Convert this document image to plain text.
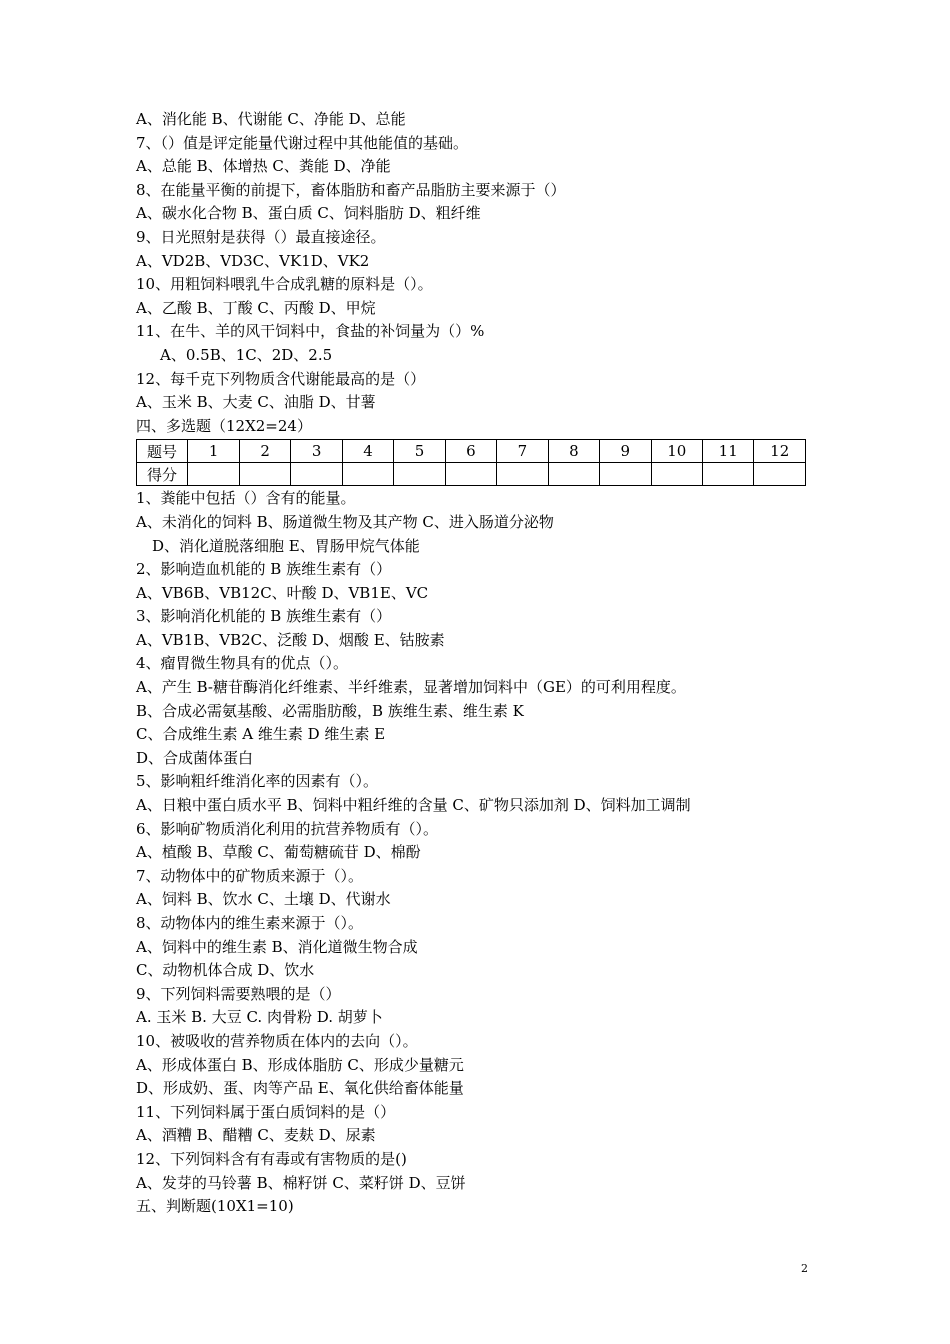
A、消化能 B、代谢能 C、净能 D、总能
7、（）值是评定能量代谢过程中其他能值的基础。
A、总能 B、体增热 C、粪能 D、净能
8、在能量平衡的前提下，畜体脂肪和畜产品脂肪主要来源于（）
A、碳水化合物 B、蛋白质 C、饲料脂肪 D、粗纤维
9、日光照射是获得（）最直接途径。
A、VD2B、VD3C、VK1D、VK2
10、用粗饲料喂乳牛合成乳糖的原料是（）。
A、乙酸 B、丁酸 C、丙酸 D、甲烷
11、在牛、羊的风干饲料中，食盐的补饲量为（）%
A、0.5B、1C、2D、2.5
12、每千克下列物质含代谢能最高的是（）
A、玉米 B、大麦 C、油脂 D、甘薯
四、多选题（12X2=24）
题号	1	2	3	4	5	6	7	8	9	10	11	12
得分												
1、粪能中包括（）含有的能量。
A、未消化的饲料 B、肠道微生物及其产物 C、进入肠道分泌物
D、消化道脱落细胞 E、胃肠甲烷气体能
2、影响造血机能的 B 族维生素有（）
A、VB6B、VB12C、叶酸 D、VB1E、VC
3、影响消化机能的 B 族维生素有（）
A、VB1B、VB2C、泛酸 D、烟酸 E、钴胺素
4、瘤胃微生物具有的优点（）。
A、产生 B-糖苷酶消化纤维素、半纤维素，显著增加饲料中（GE）的可利用程度。
B、合成必需氨基酸、必需脂肪酸，B 族维生素、维生素 K
C、合成维生素 A 维生素 D 维生素 E
D、合成菌体蛋白
5、影响粗纤维消化率的因素有（）。
A、日粮中蛋白质水平 B、饲料中粗纤维的含量 C、矿物只添加剂 D、饲料加工调制
6、影响矿物质消化利用的抗营养物质有（）。
A、植酸 B、草酸 C、葡萄糖硫苷 D、棉酚
7、动物体中的矿物质来源于（）。
A、饲料 B、饮水 C、土壤 D、代谢水
8、动物体内的维生素来源于（）。
A、饲料中的维生素 B、消化道微生物合成
C、动物机体合成 D、饮水
9、下列饲料需要熟喂的是（）
A. 玉米 B. 大豆 C. 肉骨粉 D. 胡萝卜
10、被吸收的营养物质在体内的去向（）。
A、形成体蛋白 B、形成体脂肪 C、形成少量糖元
D、形成奶、蛋、肉等产品 E、氧化供给畜体能量
11、下列饲料属于蛋白质饲料的是（）
A、酒糟 B、醋糟 C、麦麸 D、尿素
12、下列饲料含有有毒或有害物质的是()
A、发芽的马铃薯 B、棉籽饼 C、菜籽饼 D、豆饼
五、判断题(10X1=10)
2
